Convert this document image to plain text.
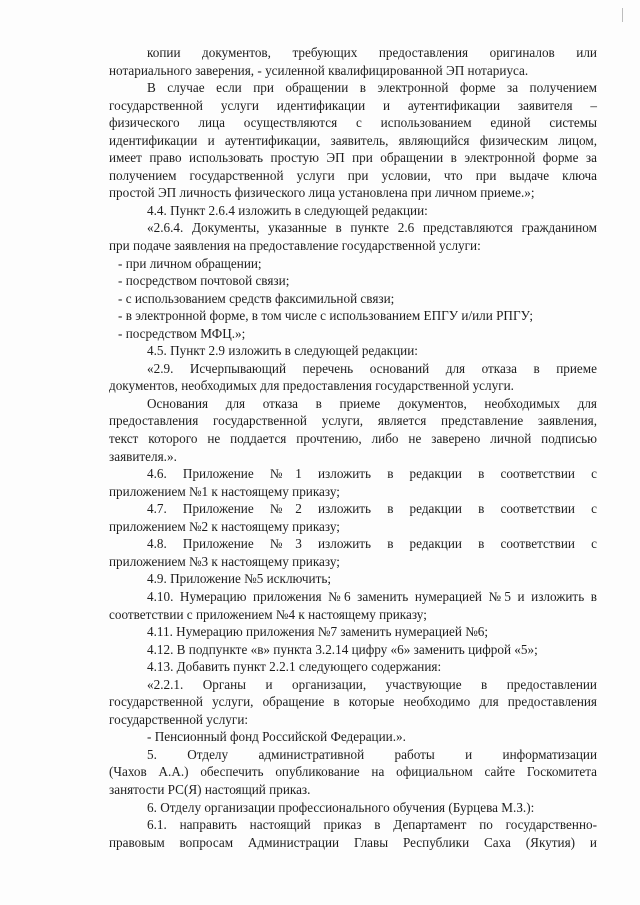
копии документов, требующих предоставления оригиналов или
нотариального заверения, - усиленной квалифицированной ЭП нотариуса.
В случае если при обращении в электронной форме за получением
государственной услуги идентификации и аутентификации заявителя –
физического лица осуществляются с использованием единой системы
идентификации и аутентификации, заявитель, являющийся физическим лицом,
имеет право использовать простую ЭП при обращении в электронной форме за
получением государственной услуги при условии, что при выдаче ключа
простой ЭП личность физического лица установлена при личном приеме.»;
4.4. Пункт 2.6.4 изложить в следующей редакции:
«2.6.4. Документы, указанные в пункте 2.6 представляются гражданином
при подаче заявления на предоставление государственной услуги:
- при личном обращении;
- посредством почтовой связи;
- с использованием средств факсимильной связи;
- в электронной форме, в том числе с использованием ЕПГУ и/или РПГУ;
- посредством МФЦ.»;
4.5. Пункт 2.9 изложить в следующей редакции:
«2.9. Исчерпывающий перечень оснований для отказа в приеме
документов, необходимых для предоставления государственной услуги.
Основания для отказа в приеме документов, необходимых для
предоставления государственной услуги, является представление заявления,
текст которого не поддается прочтению, либо не заверено личной подписью
заявителя.».
4.6. Приложение №1 изложить в редакции в соответствии с
приложением №1 к настоящему приказу;
4.7. Приложение №2 изложить в редакции в соответствии с
приложением №2 к настоящему приказу;
4.8. Приложение №3 изложить в редакции в соответствии с
приложением №3 к настоящему приказу;
4.9. Приложение №5 исключить;
4.10. Нумерацию приложения №6 заменить нумерацией №5 и изложить в
соответствии с приложением №4 к настоящему приказу;
4.11. Нумерацию приложения №7 заменить нумерацией №6;
4.12. В подпункте «в» пункта 3.2.14 цифру «6» заменить цифрой «5»;
4.13. Добавить пункт 2.2.1 следующего содержания:
«2.2.1. Органы и организации, участвующие в предоставлении
государственной услуги, обращение в которые необходимо для предоставления
государственной услуги:
- Пенсионный фонд Российской Федерации.».
5. Отделу административной работы и информатизации
(Чахов А.А.) обеспечить опубликование на официальном сайте Госкомитета
занятости РС(Я) настоящий приказ.
6. Отделу организации профессионального обучения (Бурцева М.З.):
6.1. направить настоящий приказ в Департамент по государственно-
правовым вопросам Администрации Главы Республики Саха (Якутия) и
